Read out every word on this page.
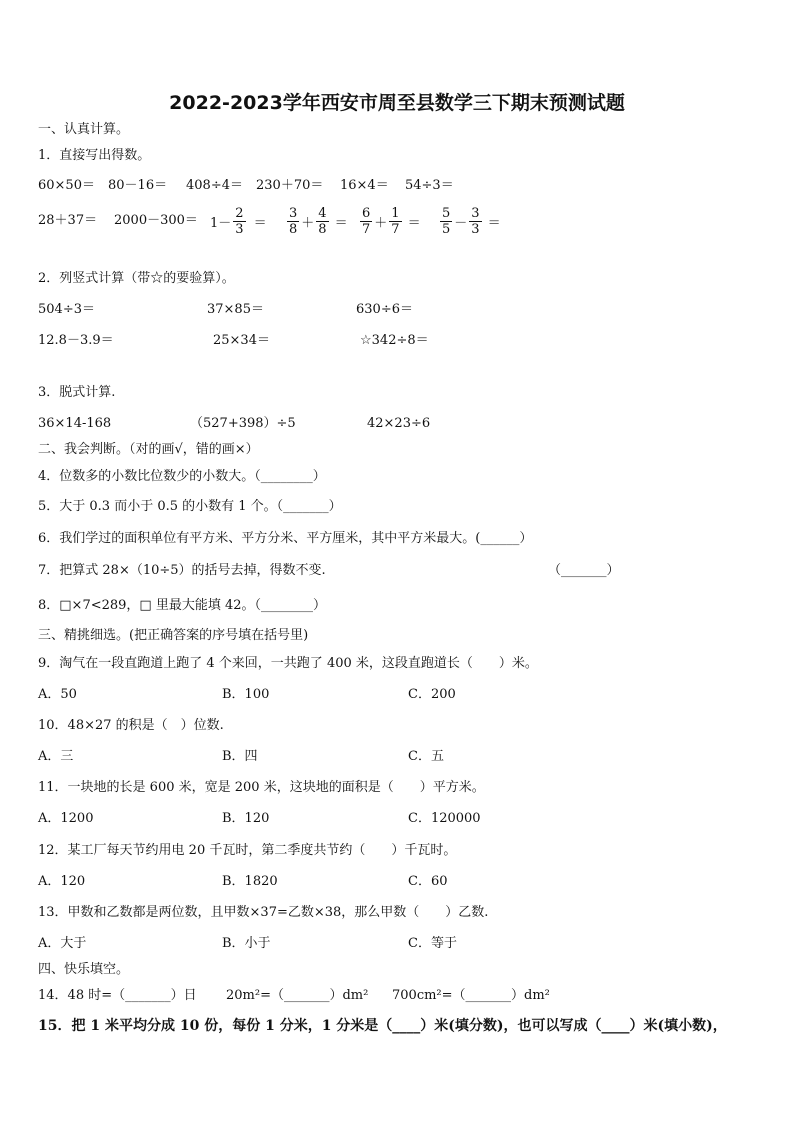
2022-2023学年西安市周至县数学三下期末预测试题
一、认真计算。
1．直接写出得数。
60×50＝ 80－16＝ 408÷4＝ 230＋70＝ 16×4＝ 54÷3＝
$28+37= 2000-300= 1- \frac{2}{3} = \frac{3}{8} + \frac{4}{8} = \frac{6}{7} + \frac{1}{7} = \frac{5}{5} - \frac{3}{3}$ ＝
2．列竖式计算（带☆的要验算）。
504÷3＝	37×85＝	630÷6＝
12.8－3.9＝	25×34＝	☆342÷8＝
3．脱式计算.
36×14-168	（527+398）÷5	42×23÷6
二、我会判断。（对的画√，错的画×）
4．位数多的小数比位数少的小数大。（________）
5．大于 0.3 而小于 0.5 的小数有 1 个。（_______）
6．我们学过的面积单位有平方米、平方分米、平方厘米，其中平方米最大。(______）
7．把算式 28×（10÷5）的括号去掉，得数不变.	（_______）
8．□×7<289，□ 里最大能填 42。（________）
三、精挑细选。(把正确答案的序号填在括号里)
9．淘气在一段直跑道上跑了 4 个来回，一共跑了 400 米，这段直跑道长（　　）米。
A．50	B．100	C．200
10．48×27 的积是（　）位数.
A．三	B．四	C．五
11．一块地的长是 600 米，宽是 200 米，这块地的面积是（　　）平方米。
A．1200	B．120	C．120000
12．某工厂每天节约用电 20 千瓦时，第二季度共节约（　　）千瓦时。
A．120	B．1820	C．60
13．甲数和乙数都是两位数，且甲数×37=乙数×38，那么甲数（　　）乙数.
A．大于	B．小于	C．等于
四、快乐填空。
14．48 时=（_______）日 20m²=（_______）dm² 700cm²=（_______）dm²
15．把 1 米平均分成 10 份，每份 1 分米，1 分米是（____）米(填分数)，也可以写成（____）米(填小数)，
